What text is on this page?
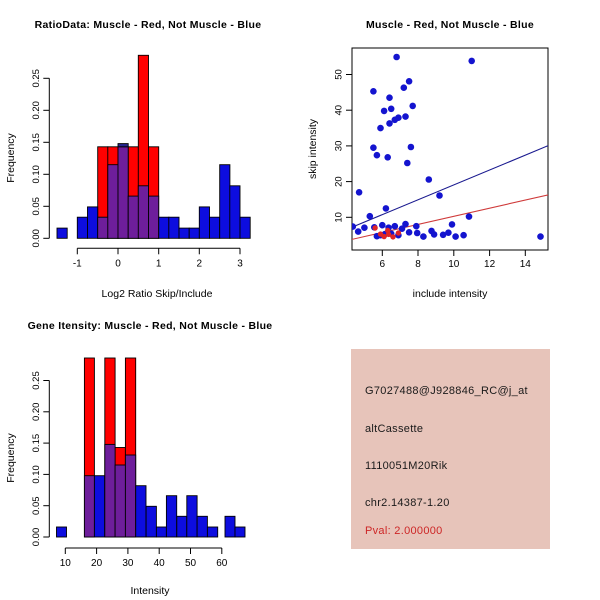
RatioData: Muscle - Red, Not Muscle - Blue
Log2 Ratio Skip/Include
Frequency
0.00
0.05
0.10
0.15
0.20
0.25
-1	0	1	2	3
Muscle - Red, Not Muscle - Blue
include intensity
skip intensity
6	8	10 12 14
10
20
30
40
50
Gene Itensity: Muscle - Red, Not Muscle - Blue
Intensity
Frequency
0.00
0.05
0.10
0.15
0.20
0.25
10 20 30 40 50 60
G7027488@J928846_RC@j_at
altCassette
1110051M20Rik
chr2.14387-1.20
Pval: 2.000000
